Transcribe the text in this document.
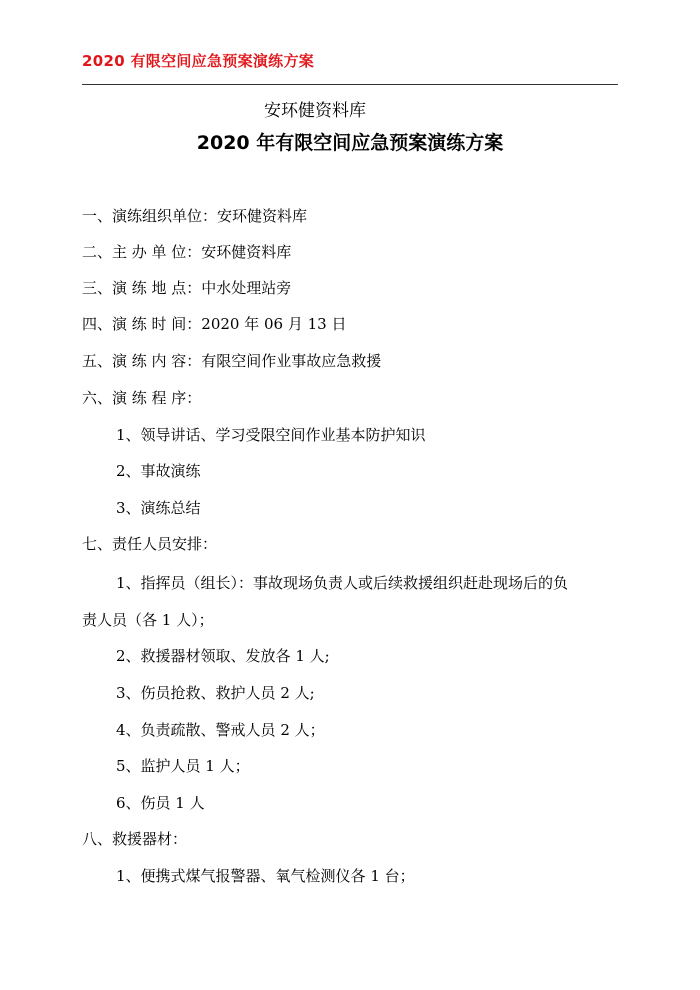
2020 有限空间应急预案演练方案
安环健资料库
2020 年有限空间应急预案演练方案
一、演练组织单位：安环健资料库
二、主 办 单 位：安环健资料库
三、演 练 地 点：中水处理站旁
四、演 练 时 间：2020 年 06 月 13 日
五、演 练 内 容：有限空间作业事故应急救援
六、演 练 程 序：
1、领导讲话、学习受限空间作业基本防护知识
2、事故演练
3、演练总结
七、责任人员安排：
1、指挥员（组长）：事故现场负责人或后续救援组织赶赴现场后的负
责人员（各 1 人）；
2、救援器材领取、发放各 1 人;
3、伤员抢救、救护人员 2 人;
4、负责疏散、警戒人员 2 人；
5、监护人员 1 人；
6、伤员 1 人
八、救援器材：
1、便携式煤气报警器、氧气检测仪各 1 台；
